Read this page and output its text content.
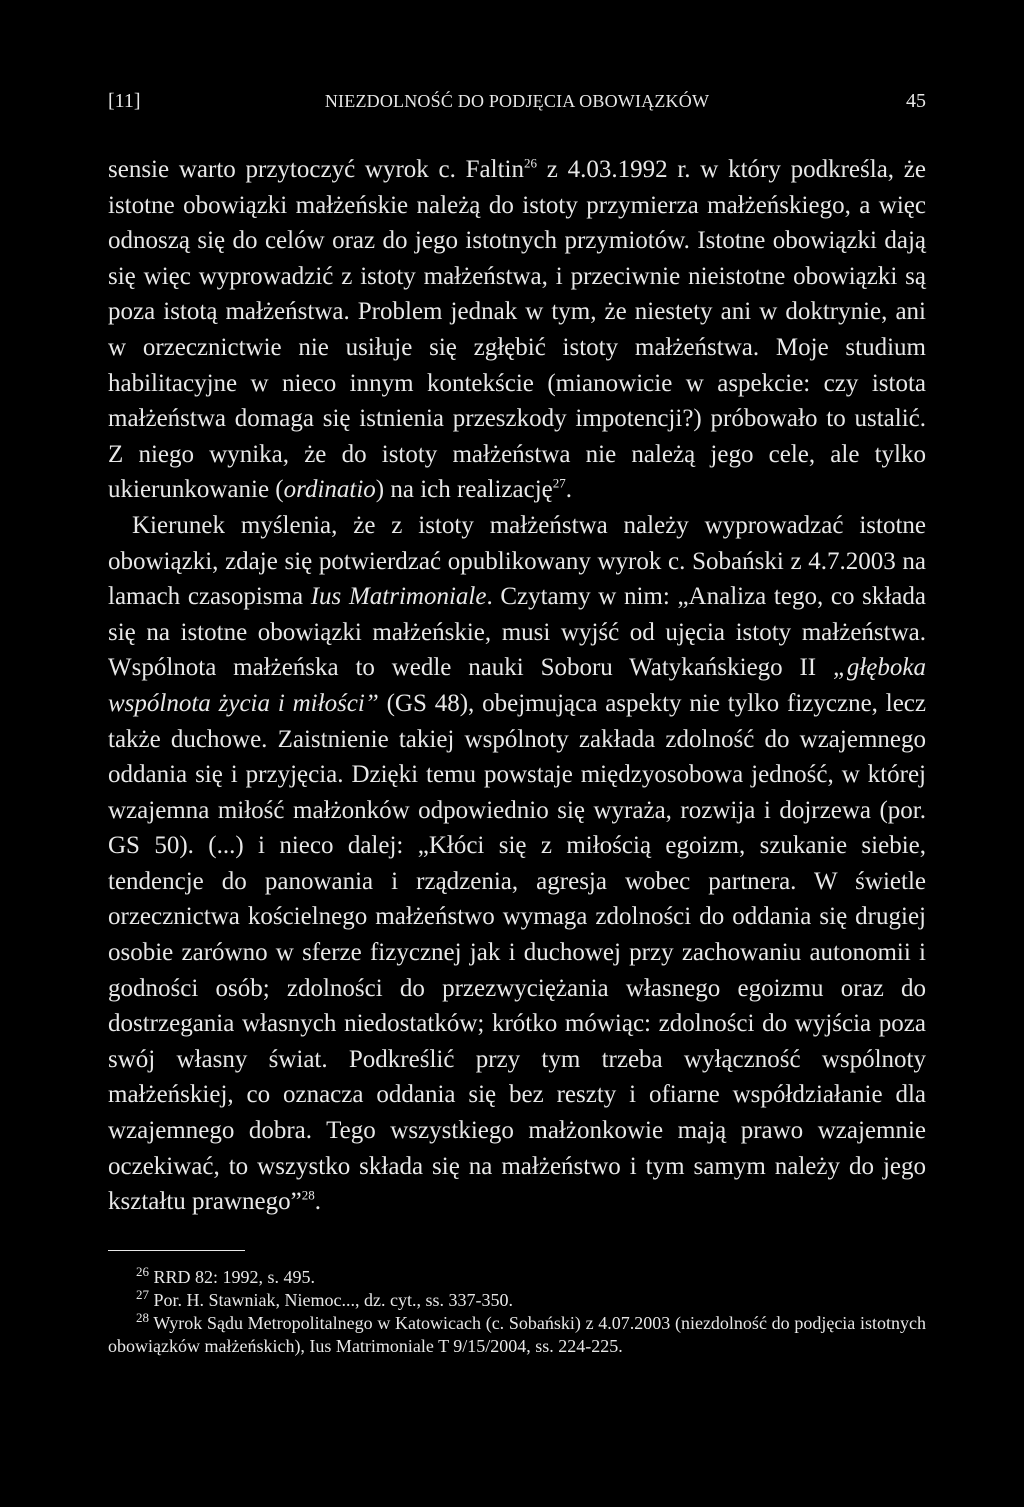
[11]	NIEZDOLNOŚĆ DO PODJĘCIA OBOWIĄZKÓW	45

sensie warto przytoczyć wyrok c. Faltin$^{26}$ z 4.03.1992 r. w który podkreśla, że istotne obowiązki małżeńskie należą do istoty przymierza małżeńskiego, a więc odnoszą się do celów oraz do jego istotnych przymiotów. Istotne obowiązki dają się więc wyprowadzić z istoty małżeństwa, i przeciwnie nieistotne obowiązki są poza istotą małżeństwa. Problem jednak w tym, że niestety ani w doktrynie, ani w orzecznictwie nie usiłuje się zgłębić istoty małżeństwa. Moje studium habilitacyjne w nieco innym kontekście (mianowicie w aspekcie: czy istota małżeństwa domaga się istnienia przeszkody impotencji?) próbowało to ustalić. Z niego wynika, że do istoty małżeństwa nie należą jego cele, ale tylko ukierunkowanie (ordinatio) na ich realizację$^{27}$.

Kierunek myślenia, że z istoty małżeństwa należy wyprowadzać istotne obowiązki, zdaje się potwierdzać opublikowany wyrok c. Sobański z 4.7.2003 na lamach czasopisma Ius Matrimoniale. Czytamy w nim: „Analiza tego, co składa się na istotne obowiązki małżeńskie, musi wyjść od ujęcia istoty małżeństwa. Wspólnota małżeńska to wedle nauki Soboru Watykańskiego II „głęboka wspólnota życia i miłości” (GS 48), obejmująca aspekty nie tylko fizyczne, lecz także duchowe. Zaistnienie takiej wspólnoty zakłada zdolność do wzajemnego oddania się i przyjęcia. Dzięki temu powstaje międzyosobowa jedność, w której wzajemna miłość małżonków odpowiednio się wyraża, rozwija i dojrzewa (por. GS 50). (...) i nieco dalej: „Kłóci się z miłością egoizm, szukanie siebie, tendencje do panowania i rządzenia, agresja wobec partnera. W świetle orzecznictwa kościelnego małżeństwo wymaga zdolności do oddania się drugiej osobie zarówno w sferze fizycznej jak i duchowej przy zachowaniu autonomii i godności osób; zdolności do przezwyciężania własnego egoizmu oraz do dostrzegania własnych niedostatków; krótko mówiąc: zdolności do wyjścia poza swój własny świat. Podkreślić przy tym trzeba wyłączność wspólnoty małżeńskiej, co oznacza oddania się bez reszty i ofiarne współdziałanie dla wzajemnego dobra. Tego wszystkiego małżonkowie mają prawo wzajemnie oczekiwać, to wszystko składa się na małżeństwo i tym samym należy do jego kształtu prawnego”$^{28}$.

$^{26}$ RRD 82: 1992, s. 495.

$^{27}$ Por. H. Stawniak, Niemoc..., dz. cyt., ss. 337-350.

$^{28}$ Wyrok Sądu Metropolitalnego w Katowicach (c. Sobański) z 4.07.2003 (niezdolność do podjęcia istotnych obowiązków małżeńskich), Ius Matrimoniale T 9/15/2004, ss. 224-225.
